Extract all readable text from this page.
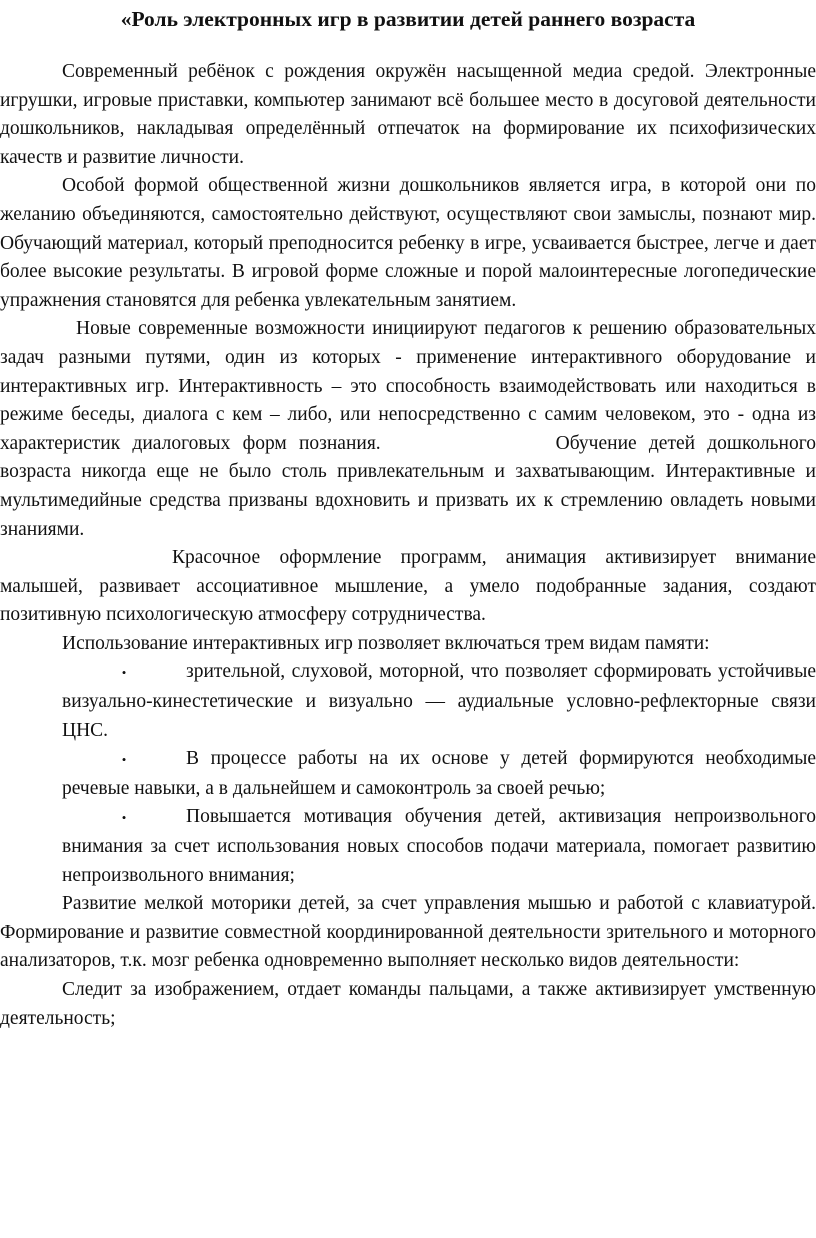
«Роль электронных игр в развитии детей раннего возраста

Современный ребёнок с рождения окружён насыщенной медиа средой. Электронные игрушки, игровые приставки, компьютер занимают всё большее место в досуговой деятельности дошкольников, накладывая определённый отпечаток на формирование их психофизических качеств и развитие личности.

Особой формой общественной жизни дошкольников является игра, в которой они по желанию объединяются, самостоятельно действуют, осуществляют свои замыслы, познают мир. Обучающий материал, который преподносится ребенку в игре, усваивается быстрее, легче и дает более высокие результаты. В игровой форме сложные и порой малоинтересные логопедические упражнения становятся для ребенка увлекательным занятием.

Новые современные возможности инициируют педагогов к решению образовательных задач разными путями, один из которых - применение интерактивного оборудование и интерактивных игр. Интерактивность – это способность взаимодействовать или находиться в режиме беседы, диалога с кем – либо, или непосредственно с самим человеком, это - одна из характеристик диалоговых форм познания.	Обучение детей дошкольного возраста никогда еще не было столь привлекательным и захватывающим. Интерактивные и мультимедийные средства призваны вдохновить и призвать их к стремлению овладеть новыми знаниями.

Красочное оформление программ, анимация активизирует внимание малышей, развивает ассоциативное мышление, а умело подобранные задания, создают позитивную психологическую атмосферу сотрудничества.

Использование интерактивных игр позволяет включаться трем видам памяти:

•	зрительной, слуховой, моторной, что позволяет сформировать устойчивые визуально-кинестетические и визуально — аудиальные условно-рефлекторные связи ЦНС.
•	В процессе работы на их основе у детей формируются необходимые речевые навыки, а в дальнейшем и самоконтроль за своей речью;
•	Повышается мотивация обучения детей, активизация непроизвольного внимания за счет использования новых способов подачи материала, помогает развитию непроизвольного внимания;

Развитие мелкой моторики детей, за счет управления мышью и работой с клавиатурой. Формирование и развитие совместной координированной деятельности зрительного и моторного анализаторов, т.к. мозг ребенка одновременно выполняет несколько видов деятельности:

Следит за изображением, отдает команды пальцами, а также активизирует умственную деятельность;
